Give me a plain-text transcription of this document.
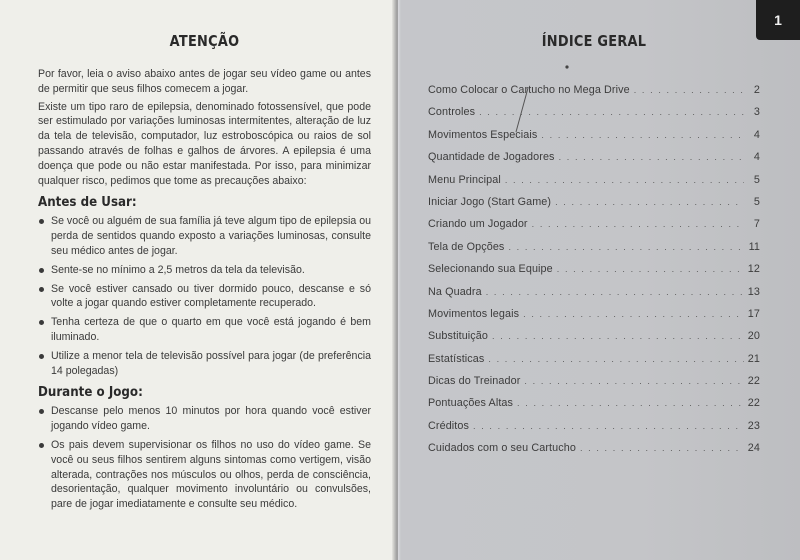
ATENÇÃO

Por favor, leia o aviso abaixo antes de jogar seu vídeo game ou antes de permitir que seus filhos comecem a jogar.

Existe um tipo raro de epilepsia, denominado fotossensível, que pode ser estimulado por variações luminosas intermitentes, alteração de luz da tela de televisão, computador, luz estroboscópica ou raios de sol passando através de folhas e galhos de árvores. A epilepsia é uma doença que pode ou não estar manifestada. Por isso, para minimizar qualquer risco, pedimos que tome as precauções abaixo:

Antes de Usar:
Se você ou alguém de sua família já teve algum tipo de epilepsia ou perda de sentidos quando exposto a variações luminosas, consulte seu médico antes de jogar.
Sente-se no mínimo a 2,5 metros da tela da televisão.
Se você estiver cansado ou tiver dormido pouco, descanse e só volte a jogar quando estiver completamente recuperado.
Tenha certeza de que o quarto em que você está jogando é bem iluminado.
Utilize a menor tela de televisão possível para jogar (de preferência 14 polegadas)
Durante o Jogo:
Descanse pelo menos 10 minutos por hora quando você estiver jogando vídeo game.
Os pais devem supervisionar os filhos no uso do vídeo game. Se você ou seus filhos sentirem alguns sintomas como vertigem, visão alterada, contrações nos músculos ou olhos, perda de consciência, desorientação, qualquer movimento involuntário ou convulsões, pare de jogar imediatamente e consulte seu médico.
ÍNDICE GERAL
Como Colocar o Cartucho no Mega Drive . . .	2
Controles . . .	3
Movimentos Especiais . . .	4
Quantidade de Jogadores . . .	4
Menu Principal . . .	5
Iniciar Jogo (Start Game) . . .	5
Criando um Jogador . . .	7
Tela de Opções . . .	11
Selecionando sua Equipe . . .	12
Na Quadra . . .	13
Movimentos legais . . .	17
Substituição . . .	20
Estatísticas . . .	21
Dicas do Treinador . . .	22
Pontuações Altas . . .	22
Créditos . . .	23
Cuidados com o seu Cartucho . . .	24
1
